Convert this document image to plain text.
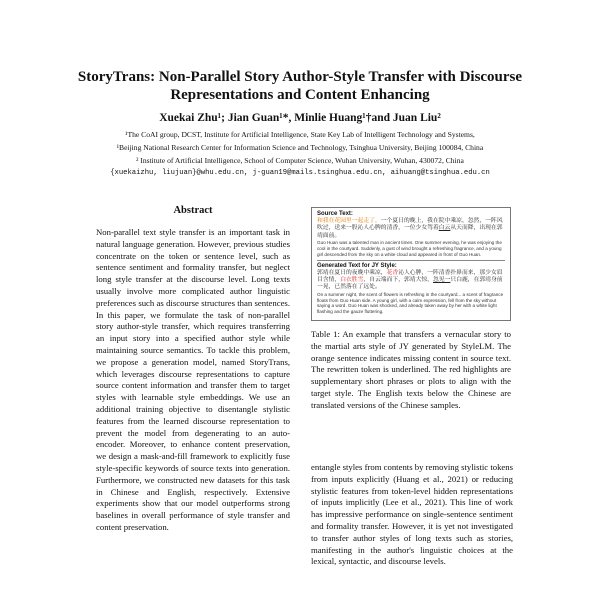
StoryTrans: Non-Parallel Story Author-Style Transfer with Discourse
Representations and Content Enhancing
Xuekai Zhu¹; Jian Guan¹*, Minlie Huang¹†and Juan Liu²
¹The CoAI group, DCST, Institute for Artificial Intelligence, State Key Lab of Intelligent Technology and Systems,
¹Beijing National Research Center for Information Science and Technology, Tsinghua University, Beijing 100084, China
² Institute of Artificial Intelligence, School of Computer Science, Wuhan University, Wuhan, 430072, China
{xuekaizhu, liujuan}@whu.edu.cn, j-guan19@mails.tsinghua.edu.cn, aihuang@tsinghua.edu.cn
Abstract
Non-parallel text style transfer is an important task in natural language generation. However, previous studies concentrate on the token or sentence level, such as sentence sentiment and formality transfer, but neglect long style transfer at the discourse level. Long texts usually involve more complicated author linguistic preferences such as discourse structures than sentences. In this paper, we formulate the task of non-parallel story author-style transfer, which requires transferring an input story into a specified author style while maintaining source semantics. To tackle this problem, we propose a generation model, named StoryTrans, which leverages discourse representations to capture source content information and transfer them to target styles with learnable style embeddings. We use an additional training objective to disentangle stylistic features from the learned discourse representation to prevent the model from degenerating to an auto-encoder. Moreover, to enhance content preservation, we design a mask-and-fill framework to explicitly fuse style-specific keywords of source texts into generation. Furthermore, we constructed new datasets for this task in Chinese and English, respectively. Extensive experiments show that our model outperforms strong baselines in overall performance of style transfer and content preservation.
Source Text:
和我在花园里一起走了，一个夏日的晚上，我在院中乘凉，忽然，一阵风吹过，送来一股沁人心脾的清香，一位少女驾着白云从天而降，出现在郭靖面前。
Guo Huan was a talented man in ancient times. One summer evening, he was enjoying the cool in the courtyard. Suddenly, a gust of wind brought a refreshing fragrance, and a young girl descended from the sky on a white cloud and appeared in front of Guo Huan.
Generated Text for JY Style:
郭靖在夏日的夜晚中乘凉，花香沁人心脾，一阵清香扑鼻而来，那少女眉目含情，白衣胜雪，自云端而下，郭靖大惊，忽见一只白鹿，在郭靖身前一晃，已然落在了远处。
On a summer night, the scent of flowers is refreshing in the courtyard... a scent of fragrance floats from Guo Huan side. A young girl, with a calm expression, fell from the sky without saying a word. Guo Huan was shocked, and already taken away by her with a white light flashing and the gauze fluttering.
Table 1: An example that transfers a vernacular story to the martial arts style of JY generated by StyleLM. The orange sentence indicates missing content in source text. The rewritten token is underlined. The red highlights are supplementary short phrases or plots to align with the target style. The English texts below the Chinese are translated versions of the Chinese samples.
entangle styles from contents by removing stylistic tokens from inputs explicitly (Huang et al., 2021) or reducing stylistic features from token-level hidden representations of inputs implicitly (Lee et al., 2021). This line of work has impressive performance on single-sentence sentiment and formality transfer. However, it is yet not investigated to transfer author styles of long texts such as stories, manifesting in the author's linguistic choices at the lexical, syntactic, and discourse levels.
